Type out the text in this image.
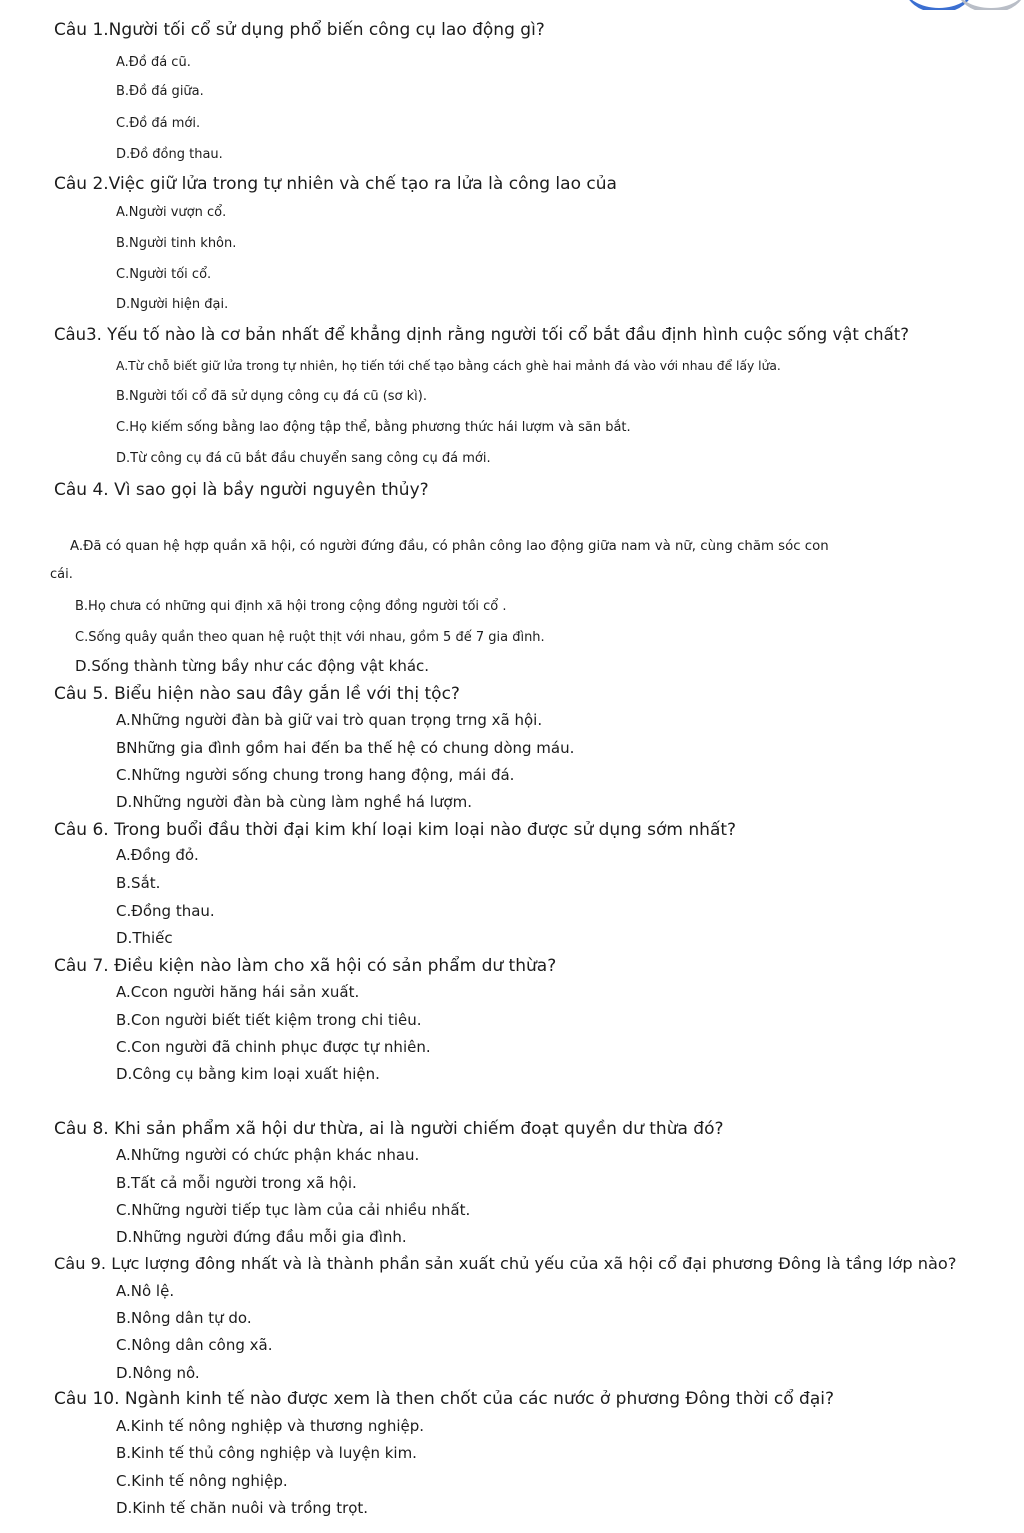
Câu 1.Người tối cổ sử dụng phổ biến công cụ lao động gì?
A.Đồ đá cũ.
B.Đồ đá giữa.
C.Đồ đá mới.
D.Đồ đồng thau.
Câu 2.Việc giữ lửa trong tự nhiên và chế tạo ra lửa là công lao của
A.Người vượn cổ.
B.Người tinh khôn.
C.Người tối cổ.
D.Người hiện đại.
Câu3. Yếu tố nào là cơ bản nhất để khẳng dịnh rằng người tối cổ bắt đầu định hình cuộc sống vật chất?
A.Từ chỗ biết giữ lửa trong tự nhiên, họ tiến tới chế tạo bằng cách ghè hai mảnh đá vào với nhau để lấy lửa.
B.Người tối cổ đã sử dụng công cụ đá cũ (sơ kì).
C.Họ kiếm sống bằng lao động tập thể, bằng phương thức hái lượm và săn bắt.
D.Từ công cụ đá cũ bắt đầu chuyển sang công cụ đá mới.
Câu 4. Vì sao gọi là bầy người nguyên thủy?
A.Đã có quan hệ hợp quần xã hội, có người đứng đầu, có phân công lao động giữa nam và nữ, cùng chăm sóc con
cái.
B.Họ chưa có những qui định xã hội trong cộng đồng người tối cổ .
C.Sống quây quần theo quan hệ ruột thịt với nhau, gồm 5 đế 7 gia đình.
D.Sống thành từng bầy như các động vật khác.
Câu 5. Biểu hiện nào sau đây gắn lề với thị tộc?
A.Những người đàn bà giữ vai trò quan trọng trng xã hội.
BNhững gia đình gồm hai đến ba thế hệ có chung dòng máu.
C.Những người sống chung trong hang động, mái đá.
D.Những người đàn bà cùng làm nghề há lượm.
Câu 6. Trong buổi đầu thời đại kim khí loại kim loại nào được sử dụng sớm nhất?
A.Đồng đỏ.
B.Sắt.
C.Đồng thau.
D.Thiếc
Câu 7. Điều kiện nào làm cho xã hội có sản phẩm dư thừa?
A.Ccon người hăng hái sản xuất.
B.Con người biết tiết kiệm trong chi tiêu.
C.Con người đã chinh phục được tự nhiên.
D.Công cụ bằng kim loại xuất hiện.
Câu 8. Khi sản phẩm xã hội dư thừa, ai là người chiếm đoạt quyền dư thừa đó?
A.Những người có chức phận khác nhau.
B.Tất cả mỗi người trong xã hội.
C.Những người tiếp tục làm của cải nhiều nhất.
D.Những người đứng đầu mỗi gia đình.
Câu 9. Lực lượng đông nhất và là thành phần sản xuất chủ yếu của xã hội cổ đại phương Đông là tầng lớp nào?
A.Nô lệ.
B.Nông dân tự do.
C.Nông dân công xã.
D.Nông nô.
Câu 10. Ngành kinh tế nào được xem là then chốt của các nước ở phương Đông thời cổ đại?
A.Kinh tế nông nghiệp và thương nghiệp.
B.Kinh tế thủ công nghiệp và luyện kim.
C.Kinh tế nông nghiệp.
D.Kinh tế chăn nuôi và trồng trọt.
